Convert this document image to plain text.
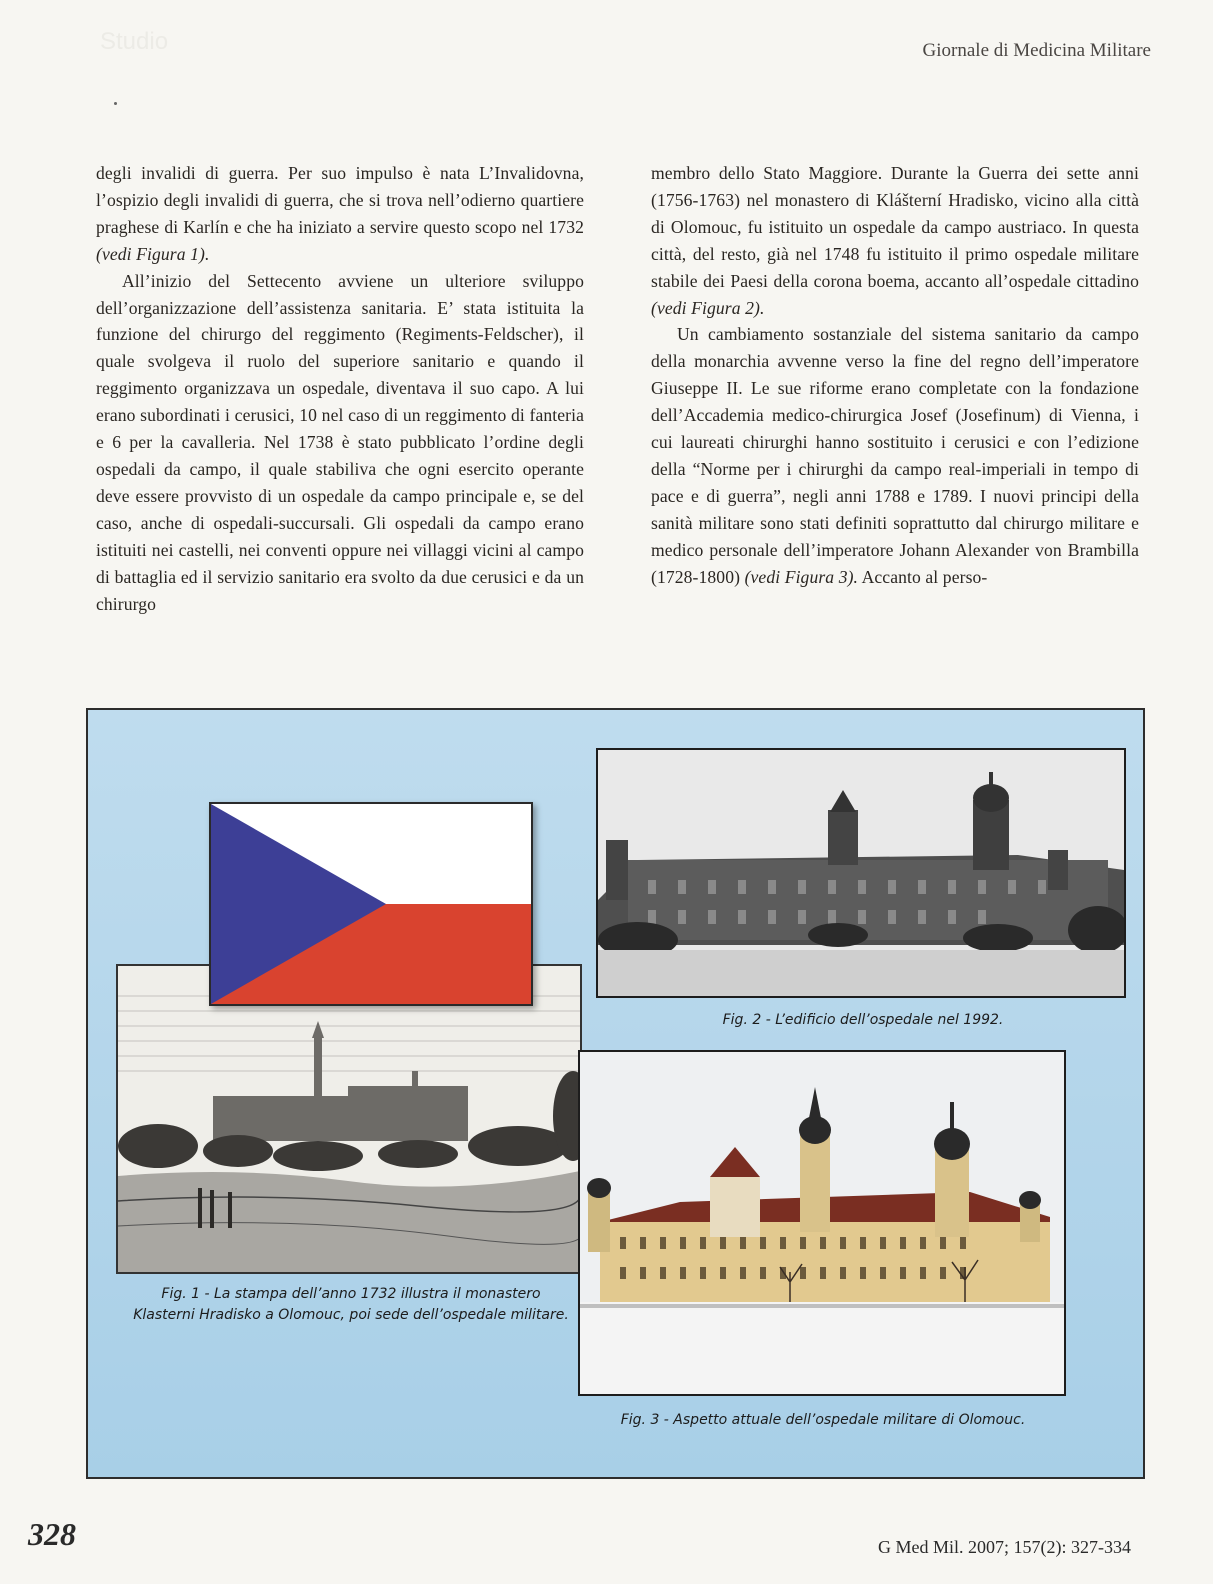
Studio	Giornale di Medicina Militare

degli invalidi di guerra. Per suo impulso è nata L’Invalidovna, l’ospizio degli invalidi di guerra, che si trova nell’odierno quartiere praghese di Karlín e che ha iniziato a servire questo scopo nel 1732 (vedi Figura 1).

All’inizio del Settecento avviene un ulteriore sviluppo dell’organizzazione dell’assistenza sanitaria. E’ stata istituita la funzione del chirurgo del reggimento (Regiments-Feldscher), il quale svolgeva il ruolo del superiore sanitario e quando il reggimento organizzava un ospedale, diventava il suo capo. A lui erano subordinati i cerusici, 10 nel caso di un reggimento di fanteria e 6 per la cavalleria. Nel 1738 è stato pubblicato l’ordine degli ospedali da campo, il quale stabiliva che ogni esercito operante deve essere provvisto di un ospedale da campo principale e, se del caso, anche di ospedali-succursali. Gli ospedali da campo erano istituiti nei castelli, nei conventi oppure nei villaggi vicini al campo di battaglia ed il servizio sanitario era svolto da due cerusici e da un chirurgo

membro dello Stato Maggiore. Durante la Guerra dei sette anni (1756-1763) nel monastero di Klášterní Hradisko, vicino alla città di Olomouc, fu istituito un ospedale da campo austriaco. In questa città, del resto, già nel 1748 fu istituito il primo ospedale militare stabile dei Paesi della corona boema, accanto all’ospedale cittadino (vedi Figura 2).

Un cambiamento sostanziale del sistema sanitario da campo della monarchia avvenne verso la fine del regno dell’imperatore Giuseppe II. Le sue riforme erano completate con la fondazione dell’Accademia medico-chirurgica Josef (Josefinum) di Vienna, i cui laureati chirurghi hanno sostituito i cerusici e con l’edizione della “Norme per i chirurghi da campo real-imperiali in tempo di pace e di guerra”, negli anni 1788 e 1789. I nuovi principi della sanità militare sono stati definiti soprattutto dal chirurgo militare e medico personale dell’imperatore Johann Alexander von Brambilla (1728-1800) (vedi Figura 3). Accanto al perso-

Fig. 1 - La stampa dell’anno 1732 illustra il monastero
Klasterni Hradisko a Olomouc, poi sede dell’ospedale militare.
Fig. 2 - L’edificio dell’ospedale nel 1992.
Fig. 3 - Aspetto attuale dell’ospedale militare di Olomouc.
328	G Med Mil. 2007; 157(2): 327-334
